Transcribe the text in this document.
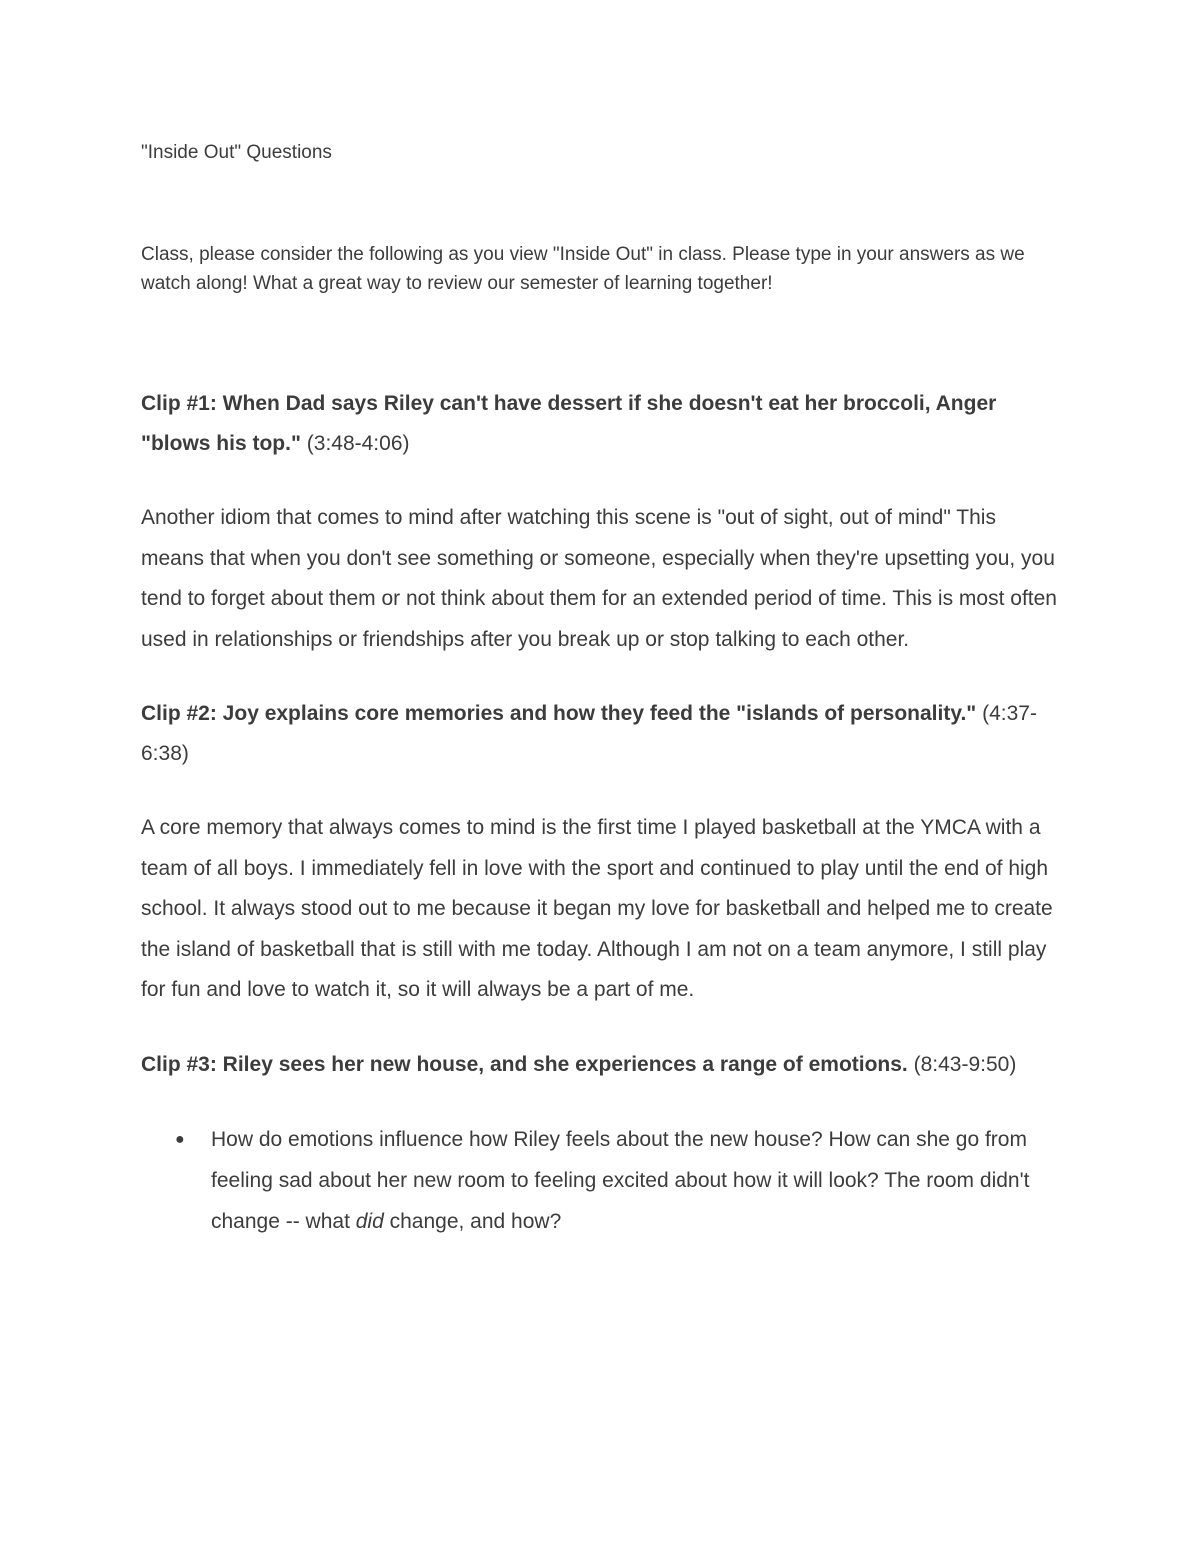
"Inside Out" Questions

Class, please consider the following as you view "Inside Out" in class. Please type in your answers as we watch along! What a great way to review our semester of learning together!

Clip #1: When Dad says Riley can't have dessert if she doesn't eat her broccoli, Anger "blows his top." (3:48-4:06)

Another idiom that comes to mind after watching this scene is "out of sight, out of mind" This means that when you don't see something or someone, especially when they're upsetting you, you tend to forget about them or not think about them for an extended period of time. This is most often used in relationships or friendships after you break up or stop talking to each other.

Clip #2: Joy explains core memories and how they feed the "islands of personality." (4:37-6:38)

A core memory that always comes to mind is the first time I played basketball at the YMCA with a team of all boys. I immediately fell in love with the sport and continued to play until the end of high school. It always stood out to me because it began my love for basketball and helped me to create the island of basketball that is still with me today. Although I am not on a team anymore, I still play for fun and love to watch it, so it will always be a part of me.

Clip #3: Riley sees her new house, and she experiences a range of emotions. (8:43-9:50)

● How do emotions influence how Riley feels about the new house? How can she go from feeling sad about her new room to feeling excited about how it will look? The room didn't change -- what did change, and how?
